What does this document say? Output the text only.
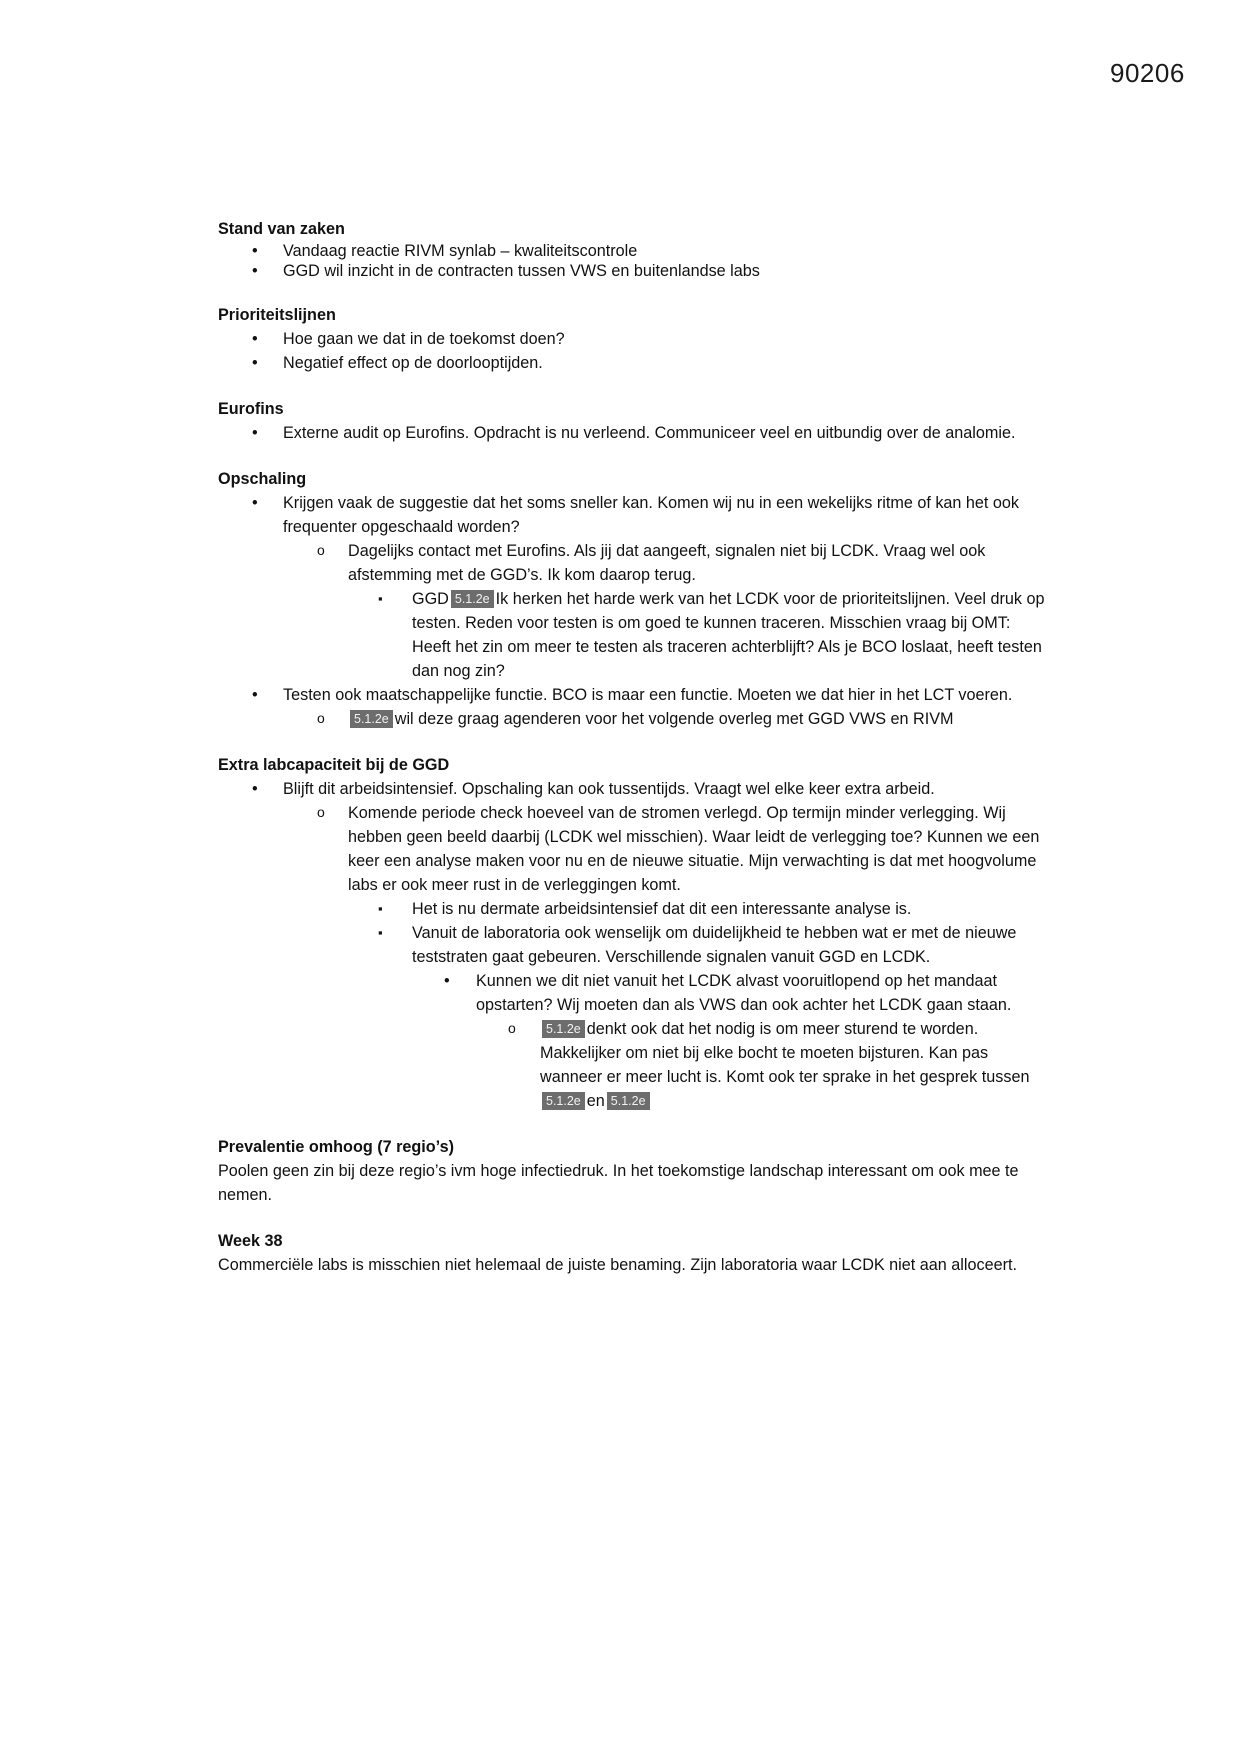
90206
Stand van zaken
• Vandaag reactie RIVM synlab – kwaliteitscontrole
• GGD wil inzicht in de contracten tussen VWS en buitenlandse labs
Prioriteitslijnen
• Hoe gaan we dat in de toekomst doen?
• Negatief effect op de doorlooptijden.
Eurofins
• Externe audit op Eurofins. Opdracht is nu verleend. Communiceer veel en uitbundig over de analomie.
Opschaling
• Krijgen vaak de suggestie dat het soms sneller kan. Komen wij nu in een wekelijks ritme of kan het ook frequenter opgeschaald worden?
o Dagelijks contact met Eurofins. Als jij dat aangeeft, signalen niet bij LCDK. Vraag wel ook afstemming met de GGD’s. Ik kom daarop terug.
▪ GGD 5.1.2e Ik herken het harde werk van het LCDK voor de prioriteitslijnen. Veel druk op testen. Reden voor testen is om goed te kunnen traceren. Misschien vraag bij OMT: Heeft het zin om meer te testen als traceren achterblijft? Als je BCO loslaat, heeft testen dan nog zin?
• Testen ook maatschappelijke functie. BCO is maar een functie. Moeten we dat hier in het LCT voeren.
o 5.1.2e wil deze graag agenderen voor het volgende overleg met GGD VWS en RIVM
Extra labcapaciteit bij de GGD
• Blijft dit arbeidsintensief. Opschaling kan ook tussentijds. Vraagt wel elke keer extra arbeid.
o Komende periode check hoeveel van de stromen verlegd. Op termijn minder verlegging. Wij hebben geen beeld daarbij (LCDK wel misschien). Waar leidt de verlegging toe? Kunnen we een keer een analyse maken voor nu en de nieuwe situatie. Mijn verwachting is dat met hoogvolume labs er ook meer rust in de verleggingen komt.
▪ Het is nu dermate arbeidsintensief dat dit een interessante analyse is.
▪ Vanuit de laboratoria ook wenselijk om duidelijkheid te hebben wat er met de nieuwe teststraten gaat gebeuren. Verschillende signalen vanuit GGD en LCDK.
• Kunnen we dit niet vanuit het LCDK alvast vooruitlopend op het mandaat opstarten? Wij moeten dan als VWS dan ook achter het LCDK gaan staan.
o 5.1.2e denkt ook dat het nodig is om meer sturend te worden. Makkelijker om niet bij elke bocht te moeten bijsturen. Kan pas wanneer er meer lucht is. Komt ook ter sprake in het gesprek tussen5.1.2e en 5.1.2e
Prevalentie omhoog (7 regio’s)

Poolen geen zin bij deze regio’s ivm hoge infectiedruk. In het toekomstige landschap interessant om ook mee te nemen.

Week 38

Commerciële labs is misschien niet helemaal de juiste benaming. Zijn laboratoria waar LCDK niet aan alloceert.
